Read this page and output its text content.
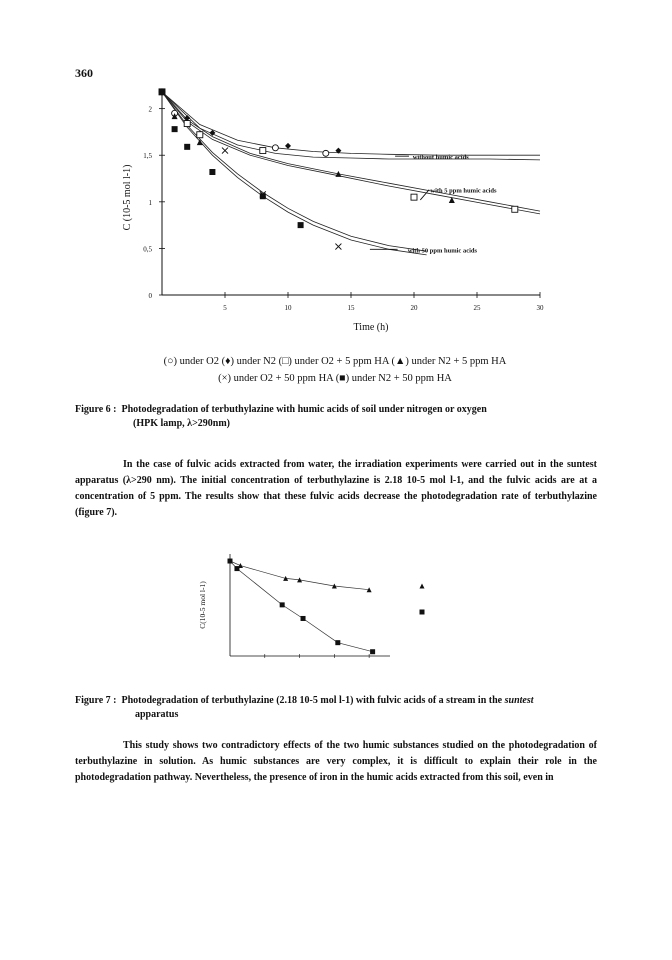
360
5	10	15	20	25	30
0
0,5
1
1,5
2
Time (h)
C (10-5 mol l-1)
without humic acids
with 5 ppm humic acids
with 50 ppm humic acids
(○) under O2 (♦) under N2 (□) under O2 + 5 ppm HA (▲) under N2 + 5 ppm HA
(×) under O2 + 50 ppm HA (■) under N2 + 50 ppm HA
Figure 6 : Photodegradation of terbuthylazine with humic acids of soil under nitrogen or oxygen
(HPK lamp, λ>290nm)
In the case of fulvic acids extracted from water, the irradiation experiments were carried out in the suntest apparatus (λ>290 nm). The initial concentration of terbuthylazine is 2.18 10-5 mol l-1, and the fulvic acids are at a concentration of 5 ppm. The results show that these fulvic acids decrease the photodegradation rate of terbuthylazine (figure 7).
C(10-5 mol l-1)
Figure 7 : Photodegradation of terbuthylazine (2.18 10-5 mol l-1) with fulvic acids of a stream in the suntest
apparatus
This study shows two contradictory effects of the two humic substances studied on the photodegradation of terbuthylazine in solution. As humic substances are very complex, it is difficult to explain their role in the photodegradation pathway. Nevertheless, the presence of iron in the humic acids extracted from this soil, even in
